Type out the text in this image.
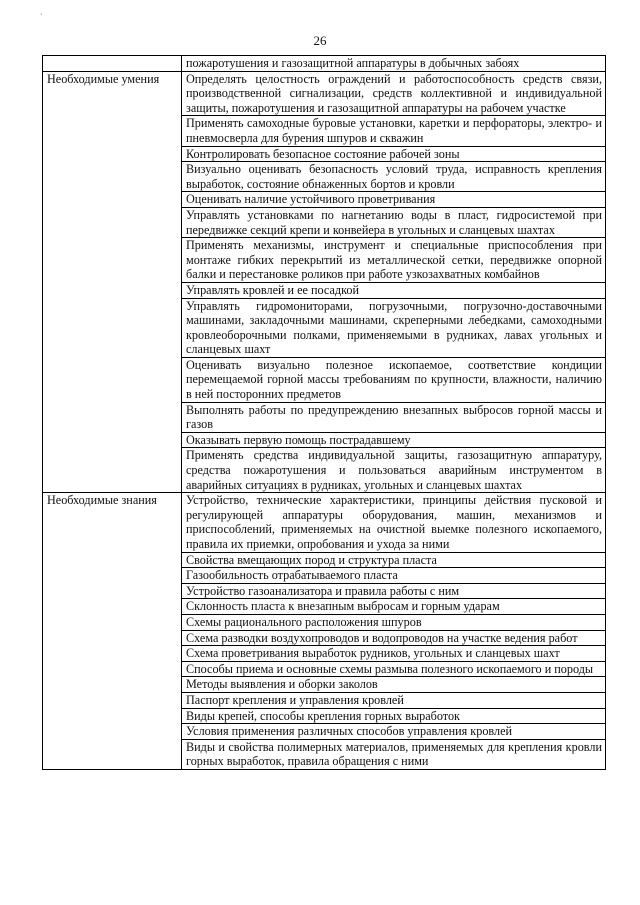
·
26
	пожаротушения и газозащитной аппаратуры в добычных забоях
Необходимые умения	Определять целостность ограждений и работоспособность средств связи, производственной сигнализации, средств коллективной и индивидуальной защиты, пожаротушения и газозащитной аппаратуры на рабочем участке
	Применять самоходные буровые установки, каретки и перфораторы, электро- и пневмосверла для бурения шпуров и скважин
	Контролировать безопасное состояние рабочей зоны
	Визуально оценивать безопасность условий труда, исправность крепления выработок, состояние обнаженных бортов и кровли
	Оценивать наличие устойчивого проветривания
	Управлять установками по нагнетанию воды в пласт, гидросистемой при передвижке секций крепи и конвейера в угольных и сланцевых шахтах
	Применять механизмы, инструмент и специальные приспособления при монтаже гибких перекрытий из металлической сетки, передвижке опорной балки и перестановке роликов при работе узкозахватных комбайнов
	Управлять кровлей и ее посадкой
	Управлять гидромониторами, погрузочными, погрузочно-доставочными машинами, закладочными машинами, скреперными лебедками, самоходными кровлеоборочными полками, применяемыми в рудниках, лавах угольных и сланцевых шахт
	Оценивать визуально полезное ископаемое, соответствие кондиции перемещаемой горной массы требованиям по крупности, влажности, наличию в ней посторонних предметов
	Выполнять работы по предупреждению внезапных выбросов горной массы и газов
	Оказывать первую помощь пострадавшему
	Применять средства индивидуальной защиты, газозащитную аппаратуру, средства пожаротушения и пользоваться аварийным инструментом в аварийных ситуациях в рудниках, угольных и сланцевых шахтах
Необходимые знания	Устройство, технические характеристики, принципы действия пусковой и регулирующей аппаратуры оборудования, машин, механизмов и приспособлений, применяемых на очистной выемке полезного ископаемого, правила их приемки, опробования и ухода за ними
	Свойства вмещающих пород и структура пласта
	Газообильность отрабатываемого пласта
	Устройство газоанализатора и правила работы с ним
	Склонность пласта к внезапным выбросам и горным ударам
	Схемы рационального расположения шпуров
	Схема разводки воздухопроводов и водопроводов на участке ведения работ
	Схема проветривания выработок рудников, угольных и сланцевых шахт
	Способы приема и основные схемы размыва полезного ископаемого и породы
	Методы выявления и оборки заколов
	Паспорт крепления и управления кровлей
	Виды крепей, способы крепления горных выработок
	Условия применения различных способов управления кровлей
	Виды и свойства полимерных материалов, применяемых для крепления кровли горных выработок, правила обращения с ними
